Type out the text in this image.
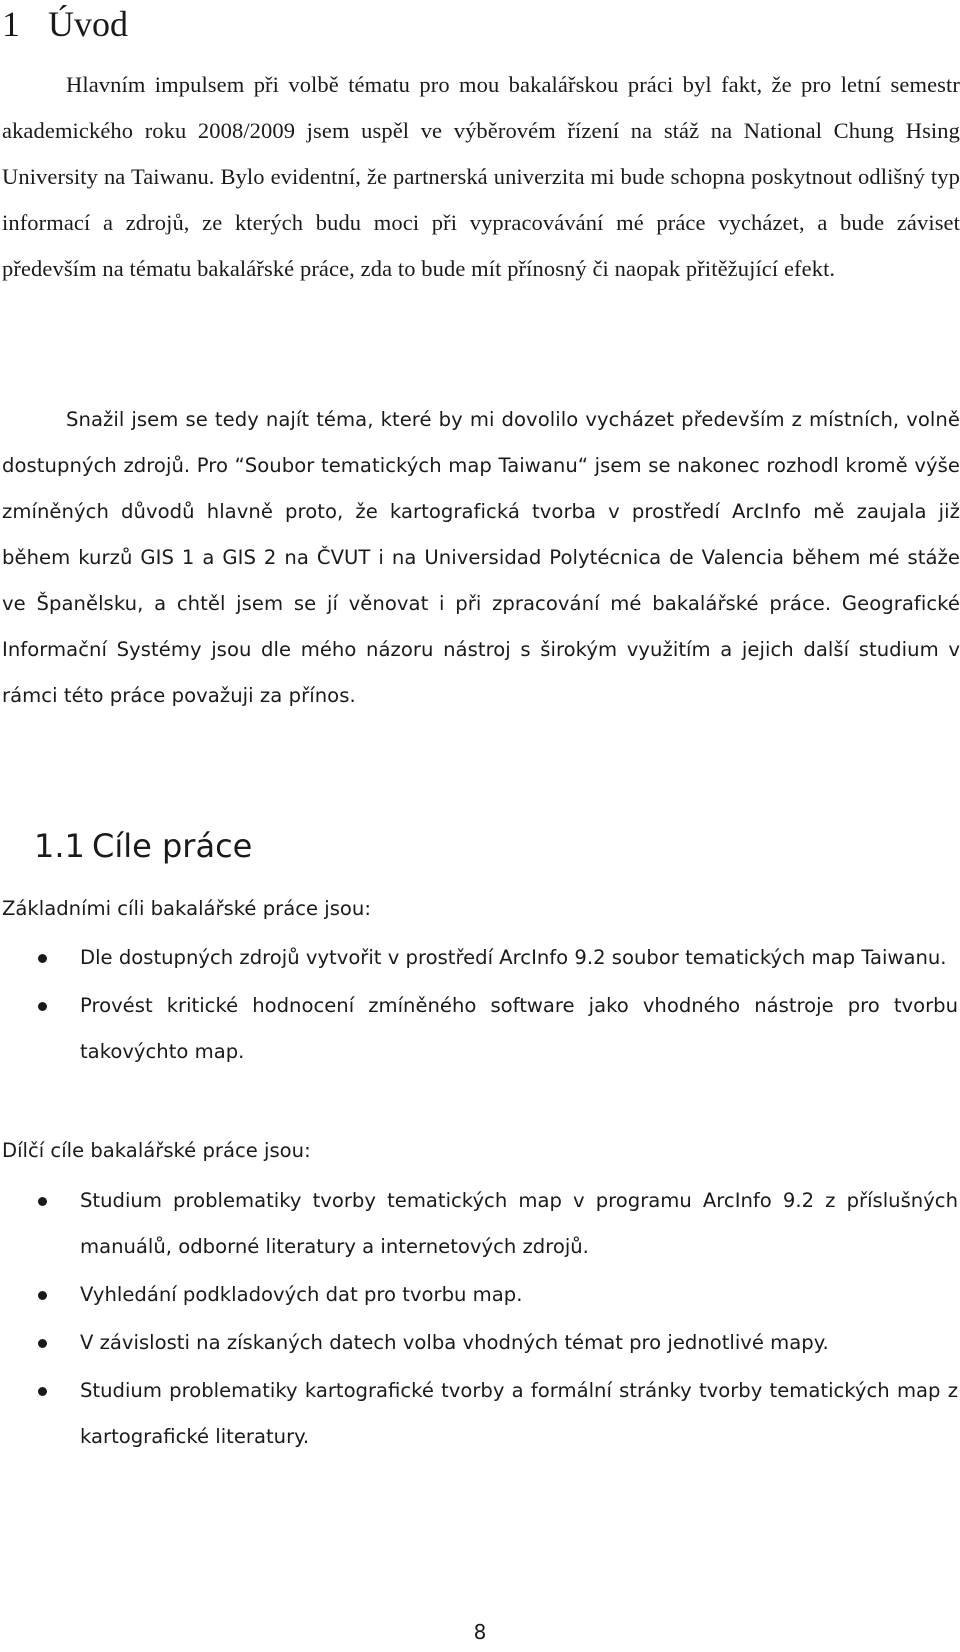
1 Úvod

Hlavním impulsem při volbě tématu pro mou bakalářskou práci byl fakt, že pro letní semestr akademického roku 2008/2009 jsem uspěl ve výběrovém řízení na stáž na National Chung Hsing University na Taiwanu. Bylo evidentní, že partnerská univerzita mi bude schopna poskytnout odlišný typ informací a zdrojů, ze kterých budu moci při vypracovávání mé práce vycházet, a bude záviset především na tématu bakalářské práce, zda to bude mít přínosný či naopak přitěžující efekt.

Snažil jsem se tedy najít téma, které by mi dovolilo vycházet především z místních, volně dostupných zdrojů. Pro “Soubor tematických map Taiwanu“ jsem se nakonec rozhodl kromě výše zmíněných důvodů hlavně proto, že kartografická tvorba v prostředí ArcInfo mě zaujala již během kurzů GIS 1 a GIS 2 na ČVUT i na Universidad Polytécnica de Valencia během mé stáže ve Španělsku, a chtěl jsem se jí věnovat i při zpracování mé bakalářské práce. Geografické Informační Systémy jsou dle mého názoru nástroj s širokým využitím a jejich další studium v rámci této práce považuji za přínos.

1.1 Cíle práce

Základními cíli bakalářské práce jsou:

Dle dostupných zdrojů vytvořit v prostředí ArcInfo 9.2 soubor tematických map Taiwanu.
Provést kritické hodnocení zmíněného software jako vhodného nástroje pro tvorbu takovýchto map.

Dílčí cíle bakalářské práce jsou:

Studium problematiky tvorby tematických map v programu ArcInfo 9.2 z příslušných manuálů, odborné literatury a internetových zdrojů.
Vyhledání podkladových dat pro tvorbu map.
V závislosti na získaných datech volba vhodných témat pro jednotlivé mapy.
Studium problematiky kartografické tvorby a formální stránky tvorby tematických map z kartografické literatury.
8
